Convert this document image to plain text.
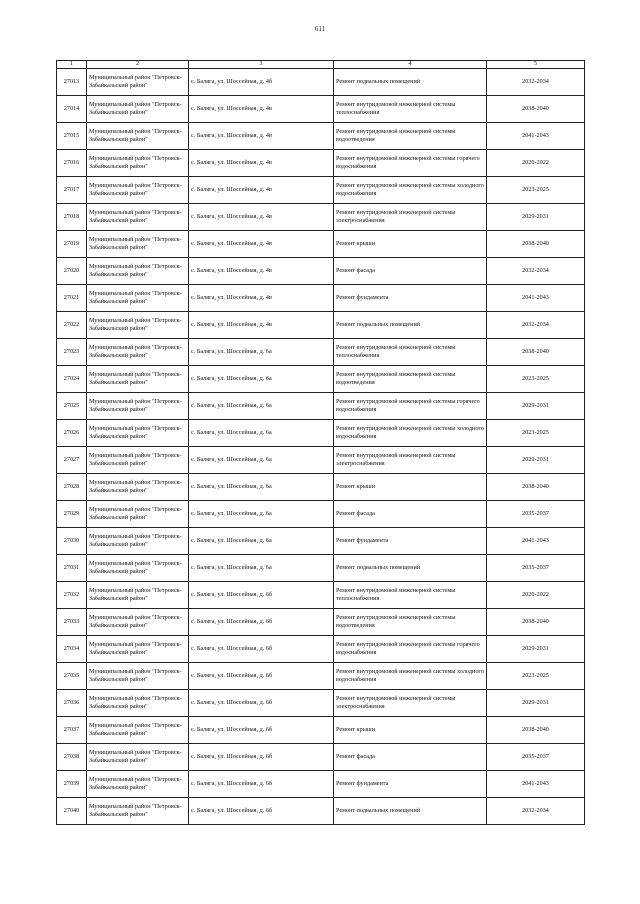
611
1	2	3	4	5
27013	Муниципальный район "Петровск-Забайкальский район"	с. Балягa, ул. Шоссейная, д. 4б	Ремонт подвальных помещений	2032-2034
27014	Муниципальный район "Петровск-Забайкальский район"	с. Балягa, ул. Шоссейная, д. 4в	Ремонт внутридомовой инженерной системы теплоснабжения	2038-2040
27015	Муниципальный район "Петровск-Забайкальский район"	с. Балягa, ул. Шоссейная, д. 4в	Ремонт внутридомовой инженерной системы водоотведения	2041-2043
27016	Муниципальный район "Петровск-Забайкальский район"	с. Балягa, ул. Шоссейная, д. 4в	Ремонт внутридомовой инженерной системы горячего водоснабжения	2020-2022
27017	Муниципальный район "Петровск-Забайкальский район"	с. Балягa, ул. Шоссейная, д. 4в	Ремонт внутридомовой инженерной системы холодного водоснабжения	2023-2025
27018	Муниципальный район "Петровск-Забайкальский район"	с. Балягa, ул. Шоссейная, д. 4в	Ремонт внутридомовой инженерной системы электроснабжения	2029-2031
27019	Муниципальный район "Петровск-Забайкальский район"	с. Балягa, ул. Шоссейная, д. 4в	Ремонт крыши	2038-2040
27020	Муниципальный район "Петровск-Забайкальский район"	с. Балягa, ул. Шоссейная, д. 4в	Ремонт фасада	2032-2034
27021	Муниципальный район "Петровск-Забайкальский район"	с. Балягa, ул. Шоссейная, д. 4в	Ремонт фундамента	2041-2043
27022	Муниципальный район "Петровск-Забайкальский район"	с. Балягa, ул. Шоссейная, д. 4в	Ремонт подвальных помещений	2032-2034
27023	Муниципальный район "Петровск-Забайкальский район"	с. Балягa, ул. Шоссейная, д. 6а	Ремонт внутридомовой инженерной системы теплоснабжения	2038-2040
27024	Муниципальный район "Петровск-Забайкальский район"	с. Балягa, ул. Шоссейная, д. 6а	Ремонт внутридомовой инженерной системы водоотведения	2023-2025
27025	Муниципальный район "Петровск-Забайкальский район"	с. Балягa, ул. Шоссейная, д. 6а	Ремонт внутридомовой инженерной системы горячего водоснабжения	2029-2031
27026	Муниципальный район "Петровск-Забайкальский район"	с. Балягa, ул. Шоссейная, д. 6а	Ремонт внутридомовой инженерной системы холодного водоснабжения	2023-2025
27027	Муниципальный район "Петровск-Забайкальский район"	с. Балягa, ул. Шоссейная, д. 6а	Ремонт внутридомовой инженерной системы электроснабжения	2029-2031
27028	Муниципальный район "Петровск-Забайкальский район"	с. Балягa, ул. Шоссейная, д. 6а	Ремонт крыши	2038-2040
27029	Муниципальный район "Петровск-Забайкальский район"	с. Балягa, ул. Шоссейная, д. 6а	Ремонт фасада	2035-2037
27030	Муниципальный район "Петровск-Забайкальский район"	с. Балягa, ул. Шоссейная, д. 6а	Ремонт фундамента	2041-2043
27031	Муниципальный район "Петровск-Забайкальский район"	с. Балягa, ул. Шоссейная, д. 6а	Ремонт подвальных помещений	2035-2037
27032	Муниципальный район "Петровск-Забайкальский район"	с. Балягa, ул. Шоссейная, д. 6б	Ремонт внутридомовой инженерной системы теплоснабжения	2020-2022
27033	Муниципальный район "Петровск-Забайкальский район"	с. Балягa, ул. Шоссейная, д. 6б	Ремонт внутридомовой инженерной системы водоотведения	2038-2040
27034	Муниципальный район "Петровск-Забайкальский район"	с. Балягa, ул. Шоссейная, д. 6б	Ремонт внутридомовой инженерной системы горячего водоснабжения	2029-2031
27035	Муниципальный район "Петровск-Забайкальский район"	с. Балягa, ул. Шоссейная, д. 6б	Ремонт внутридомовой инженерной системы холодного водоснабжения	2023-2025
27036	Муниципальный район "Петровск-Забайкальский район"	с. Балягa, ул. Шоссейная, д. 6б	Ремонт внутридомовой инженерной системы электроснабжения	2029-2031
27037	Муниципальный район "Петровск-Забайкальский район"	с. Балягa, ул. Шоссейная, д. 6б	Ремонт крыши	2038-2040
27038	Муниципальный район "Петровск-Забайкальский район"	с. Балягa, ул. Шоссейная, д. 6б	Ремонт фасада	2035-2037
27039	Муниципальный район "Петровск-Забайкальский район"	с. Балягa, ул. Шоссейная, д. 6б	Ремонт фундамента	2041-2043
27040	Муниципальный район "Петровск-Забайкальский район"	с. Балягa, ул. Шоссейная, д. 6б	Ремонт подвальных помещений	2032-2034
